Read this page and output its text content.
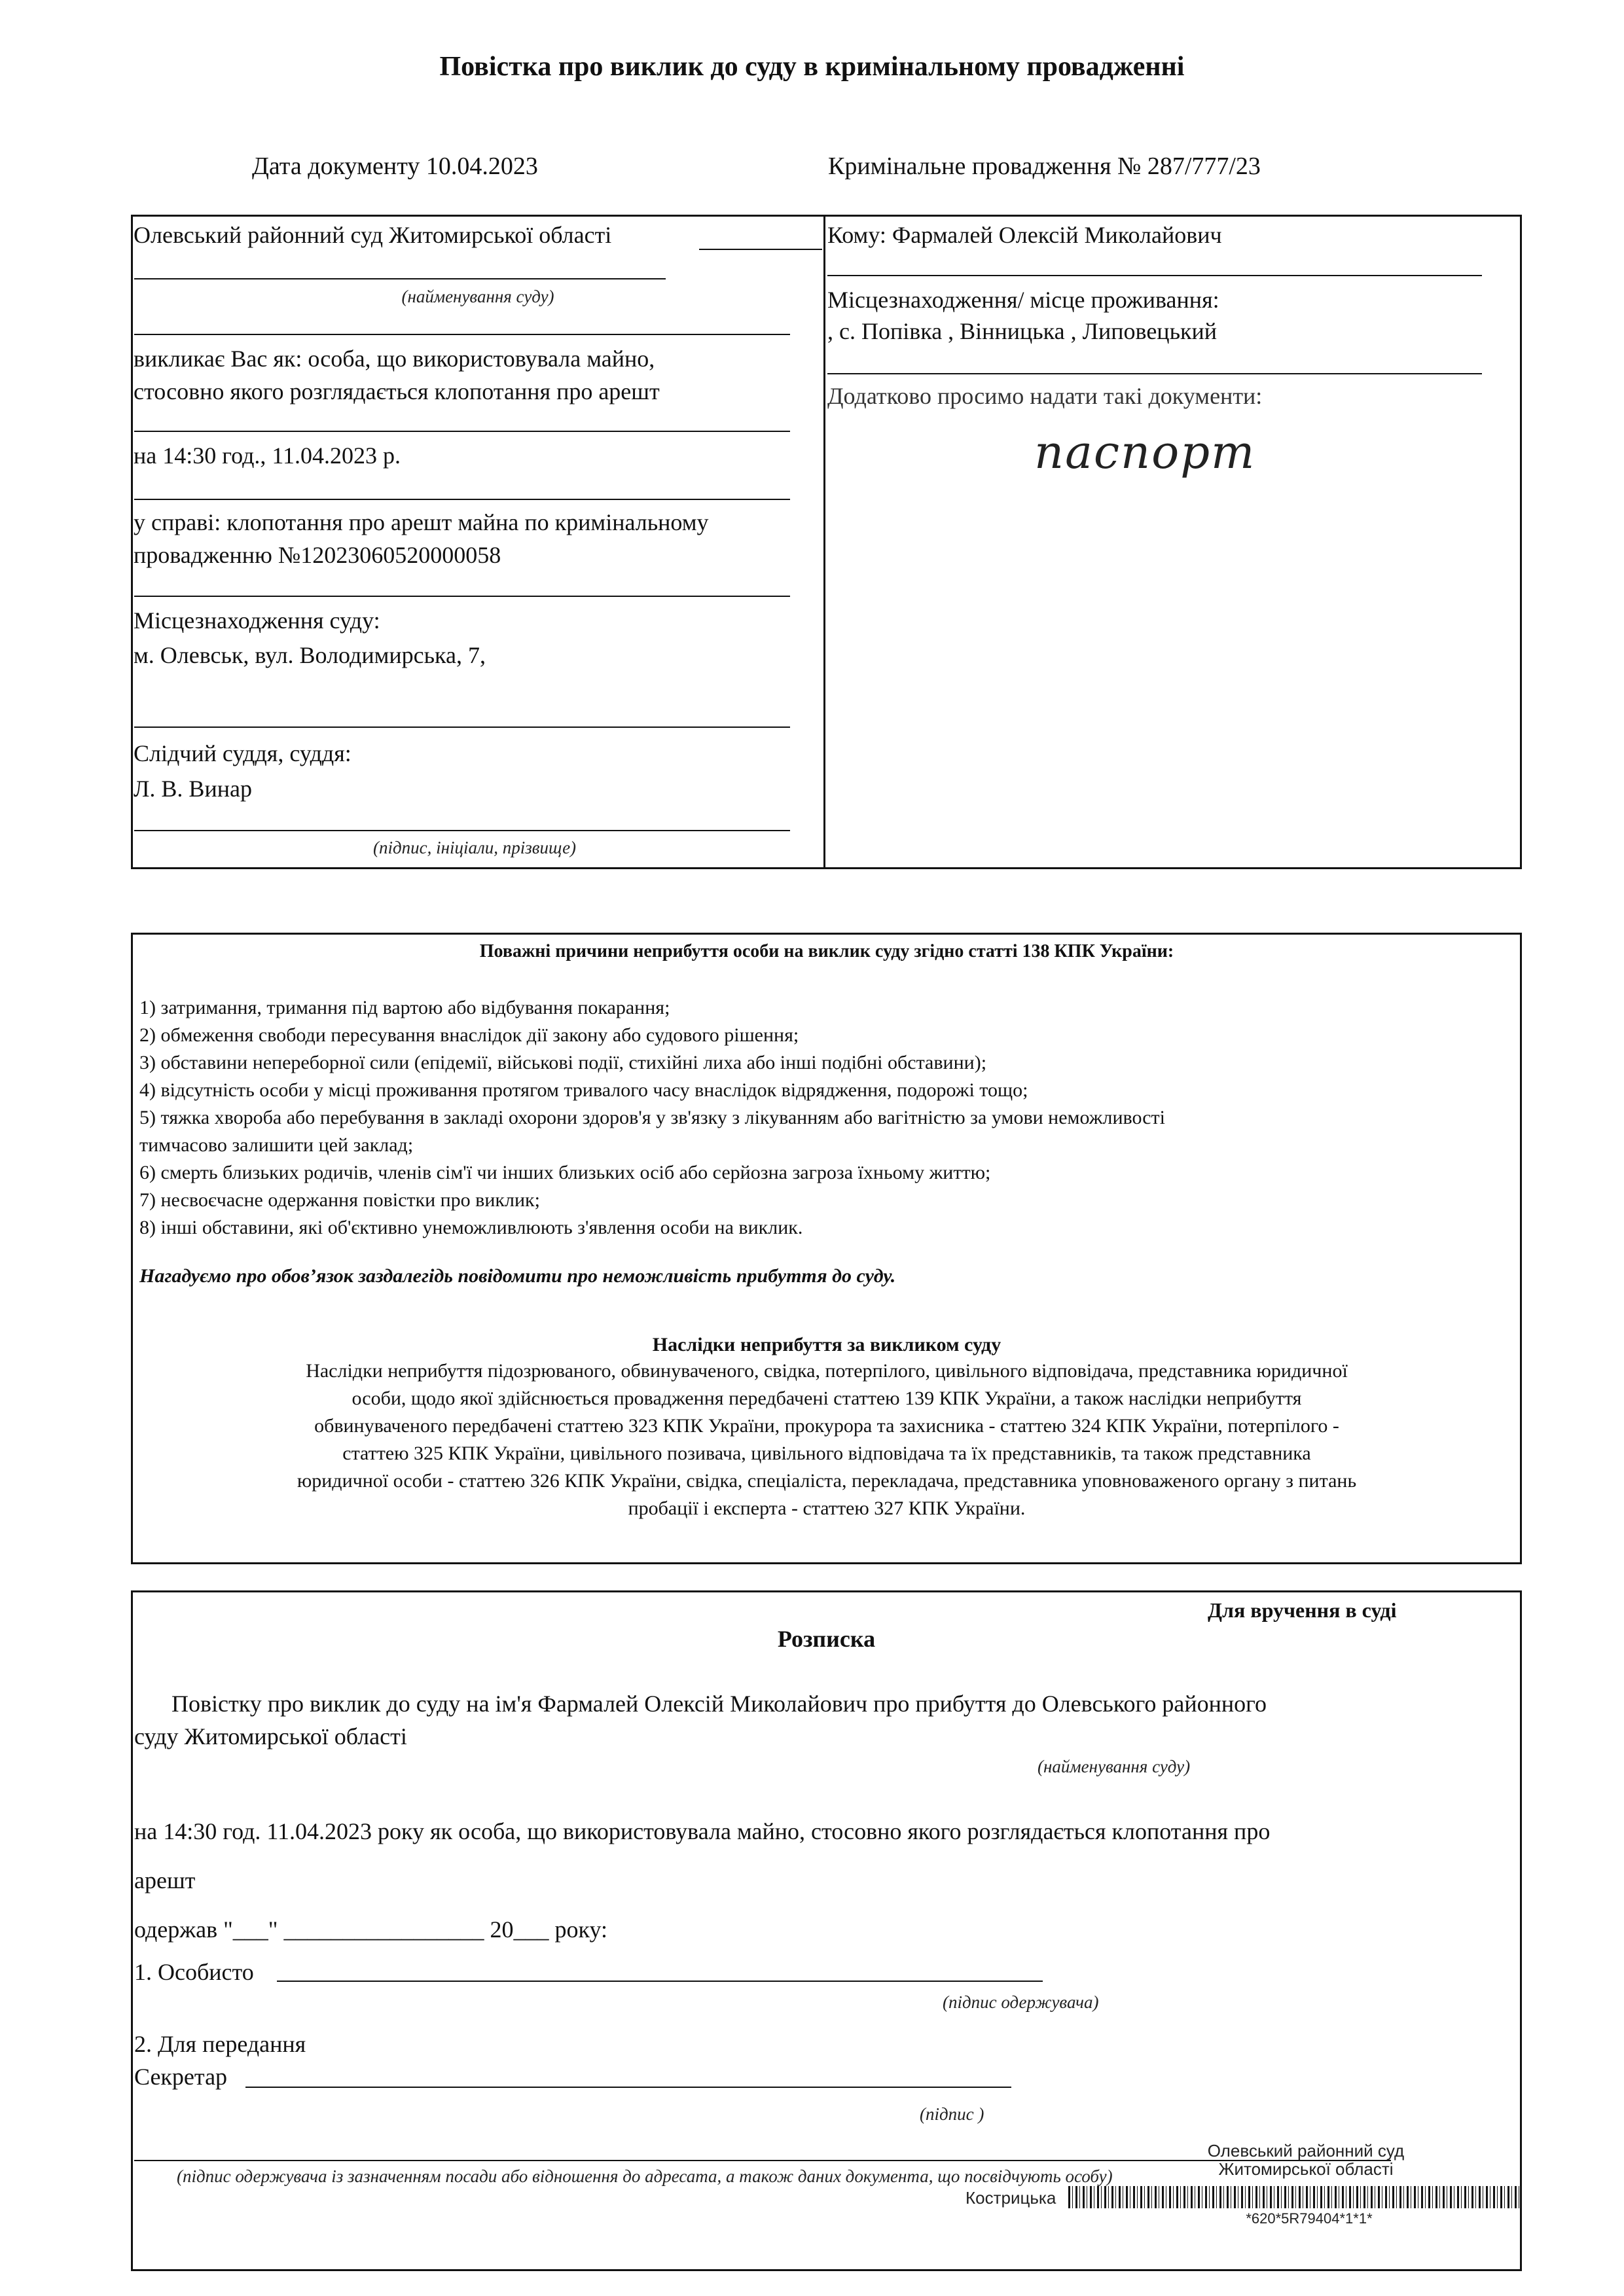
Повістка про виклик до суду в кримінальному провадженні
Дата документу 10.04.2023	Кримінальне провадження № 287/777/23
Олевський районний суд Житомирської області
(найменування суду)
викликає Вас як: особа, що використовувала майно,
стосовно якого розглядається клопотання про арешт
на 14:30 год., 11.04.2023 р.
у справі: клопотання про арешт майна по кримінальному
провадженню №12023060520000058
Місцезнаходження суду:
м. Олевськ, вул. Володимирська, 7,
Слідчий суддя, суддя:
Л. В. Винар
(підпис, ініціали, прізвище)
Кому: Фармалей Олексій Миколайович
Місцезнаходження/ місце проживання:
, с. Попівка , Вінницька , Липовецький
Додатково просимо надати такі документи:
паспорт
Поважні причини неприбуття особи на виклик суду згідно статті 138 КПК України:
1) затримання, тримання під вартою або відбування покарання;
2) обмеження свободи пересування внаслідок дії закону або судового рішення;
3) обставини непереборної сили (епідемії, військові події, стихійні лиха або інші подібні обставини);
4) відсутність особи у місці проживання протягом тривалого часу внаслідок відрядження, подорожі тощо;
5) тяжка хвороба або перебування в закладі охорони здоров'я у зв'язку з лікуванням або вагітністю за умови неможливості
тимчасово залишити цей заклад;
6) смерть близьких родичів, членів сім'ї чи інших близьких осіб або серйозна загроза їхньому життю;
7) несвоєчасне одержання повістки про виклик;
8) інші обставини, які об'єктивно унеможливлюють з'явлення особи на виклик.
Нагадуємо про обов’язок заздалегідь повідомити про неможливість прибуття до суду.
Наслідки неприбуття за викликом суду
Наслідки неприбуття підозрюваного, обвинуваченого, свідка, потерпілого, цивільного відповідача, представника юридичної
особи, щодо якої здійснюється провадження передбачені статтею 139 КПК України, а також наслідки неприбуття
обвинуваченого передбачені статтею 323 КПК України, прокурора та захисника - статтею 324 КПК України, потерпілого -
статтею 325 КПК України, цивільного позивача, цивільного відповідача та їх представників, та також представника
юридичної особи - статтею 326 КПК України, свідка, спеціаліста, перекладача, представника уповноваженого органу з питань
пробації і експерта - статтею 327 КПК України.
Для вручення в суді
Розписка
Повістку про виклик до суду на ім'я Фармалей Олексій Миколайович про прибуття до Олевського районного
суду Житомирської області
(найменування суду)
на 14:30 год. 11.04.2023 року як особа, що використовувала майно, стосовно якого розглядається клопотання про
арешт
одержав "___" _________________ 20___ року:
1. Особисто
(підпис одержувача)
2. Для передання
Секретар
(підпис )
(підпис одержувача із зазначенням посади або відношення до адресата, а також даних документа, що посвідчують особу)
Олевський районний суд
Житомирської області
Кострицька
*620*5R79404*1*1*
